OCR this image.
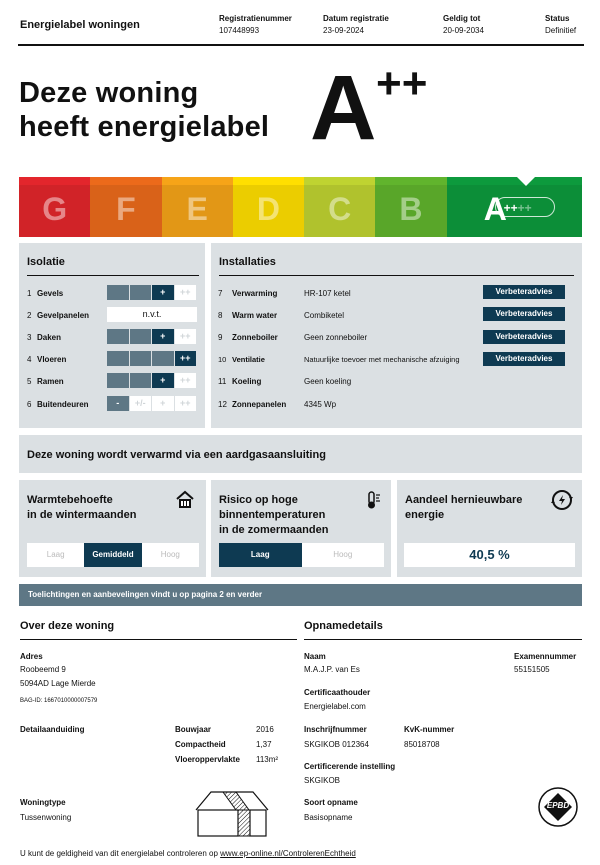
Energielabel woningen
Registratienummer
107448993
Datum registratie
23-09-2024
Geldig tot
20-09-2034
Status
Definitief
Deze woning
heeft energielabel A ++
G	F	E	D	C	B	A
++++
Isolatie
1 Gevels	+	++
2 Gevelpanelen	n.v.t.
3 Daken	+	++
4 Vloeren	++
5 Ramen	+	++
6 Buitendeuren	-	+/-	+	++
Installaties
7 Verwarming	HR-107 ketel	Verbeteradvies
8 Warm water	Combiketel	Verbeteradvies
9 Zonneboiler	Geen zonneboiler	Verbeteradvies
10 Ventilatie	Natuurlijke toevoer met mechanische afzuiging	Verbeteradvies
11 Koeling	Geen koeling
12 Zonnepanelen 4345 Wp
Deze woning wordt verwarmd via een aardgasaansluiting
Warmtebehoefte
in de wintermaanden
Laag	Gemiddeld	Hoog
Risico op hoge
binnentemperaturen
in de zomermaanden
Laag	Hoog
Aandeel hernieuwbare
energie
40,5 %
Toelichtingen en aanbevelingen vindt u op pagina 2 en verder
Over deze woning
Adres
Roobeemd 9
5094AD Lage Mierde
BAG-ID: 1667010000007579
Detailaanduiding	Bouwjaar	2016
Compactheid	1,37
Vloeroppervlakte 113m²
Woningtype
Tussenwoning
Opnamedetails
Naam
M.A.J.P. van Es
Examennummer
55151505
Certificaathouder
Energielabel.com
Inschrijfnummer
SKGIKOB 012364
KvK-nummer
85018708
Certificerende instelling
SKGIKOB
Soort opname
Basisopname
EPBD
U kunt de geldigheid van dit energielabel controleren op www.ep-online.nl/ControlerenEchtheid
